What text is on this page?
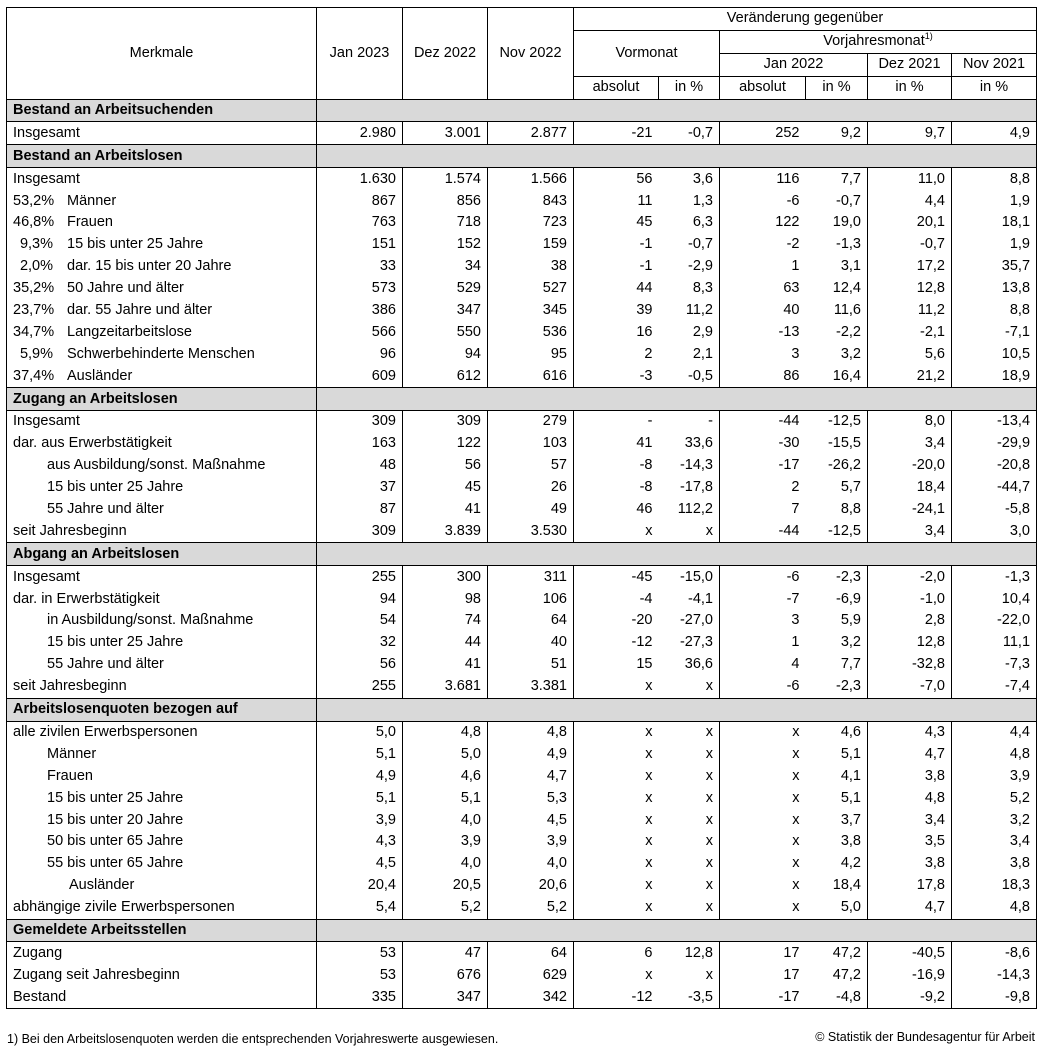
Merkmale	Jan 2023	Dez 2022	Nov 2022	Veränderung gegenüber					
				Vormonat		Vorjahresmonat$^{1)}$
						Jan 2022		Dez 2021	Nov 2021
				absolut	in %	absolut	in %	in %	in %
Bestand an Arbeitsuchenden									
Insgesamt	2.980	3.001	2.877	-21	-0,7	252	9,2	9,7	4,9
Bestand an Arbeitslosen									
Insgesamt	1.630	1.574	1.566	56	3,6	116	7,7	11,0	8,8
53,2% Männer	867	856	843	11	1,3	-6	-0,7	4,4	1,9
46,8% Frauen	763	718	723	45	6,3	122	19,0	20,1	18,1
9,3% 15 bis unter 25 Jahre	151	152	159	-1	-0,7	-2	-1,3	-0,7	1,9
2,0% dar. 15 bis unter 20 Jahre	33	34	38	-1	-2,9	1	3,1	17,2	35,7
35,2% 50 Jahre und älter	573	529	527	44	8,3	63	12,4	12,8	13,8
23,7% dar. 55 Jahre und älter	386	347	345	39	11,2	40	11,6	11,2	8,8
34,7% Langzeitarbeitslose	566	550	536	16	2,9	-13	-2,2	-2,1	-7,1
5,9% Schwerbehinderte Menschen	96	94	95	2	2,1	3	3,2	5,6	10,5
37,4% Ausländer	609	612	616	-3	-0,5	86	16,4	21,2	18,9
Zugang an Arbeitslosen									
Insgesamt	309	309	279	-	-	-44	-12,5	8,0	-13,4
dar. aus Erwerbstätigkeit	163	122	103	41	33,6	-30	-15,5	3,4	-29,9
aus Ausbildung/sonst. Maßnahme	48	56	57	-8	-14,3	-17	-26,2	-20,0	-20,8
15 bis unter 25 Jahre	37	45	26	-8	-17,8	2	5,7	18,4	-44,7
55 Jahre und älter	87	41	49	46	112,2	7	8,8	-24,1	-5,8
seit Jahresbeginn	309	3.839	3.530	x	x	-44	-12,5	3,4	3,0
Abgang an Arbeitslosen									
Insgesamt	255	300	311	-45	-15,0	-6	-2,3	-2,0	-1,3
dar. in Erwerbstätigkeit	94	98	106	-4	-4,1	-7	-6,9	-1,0	10,4
in Ausbildung/sonst. Maßnahme	54	74	64	-20	-27,0	3	5,9	2,8	-22,0
15 bis unter 25 Jahre	32	44	40	-12	-27,3	1	3,2	12,8	11,1
55 Jahre und älter	56	41	51	15	36,6	4	7,7	-32,8	-7,3
seit Jahresbeginn	255	3.681	3.381	x	x	-6	-2,3	-7,0	-7,4
Arbeitslosenquoten bezogen auf									
alle zivilen Erwerbspersonen	5,0	4,8	4,8	x	x	x	4,6	4,3	4,4
Männer	5,1	5,0	4,9	x	x	x	5,1	4,7	4,8
Frauen	4,9	4,6	4,7	x	x	x	4,1	3,8	3,9
15 bis unter 25 Jahre	5,1	5,1	5,3	x	x	x	5,1	4,8	5,2
15 bis unter 20 Jahre	3,9	4,0	4,5	x	x	x	3,7	3,4	3,2
50 bis unter 65 Jahre	4,3	3,9	3,9	x	x	x	3,8	3,5	3,4
55 bis unter 65 Jahre	4,5	4,0	4,0	x	x	x	4,2	3,8	3,8
Ausländer	20,4	20,5	20,6	x	x	x	18,4	17,8	18,3
abhängige zivile Erwerbspersonen	5,4	5,2	5,2	x	x	x	5,0	4,7	4,8
Gemeldete Arbeitsstellen									
Zugang	53	47	64	6	12,8	17	47,2	-40,5	-8,6
Zugang seit Jahresbeginn	53	676	629	x	x	17	47,2	-16,9	-14,3
Bestand	335	347	342	-12	-3,5	-17	-4,8	-9,2	-9,8
1) Bei den Arbeitslosenquoten werden die entsprechenden Vorjahreswerte ausgewiesen.	© Statistik der Bundesagentur für Arbeit
